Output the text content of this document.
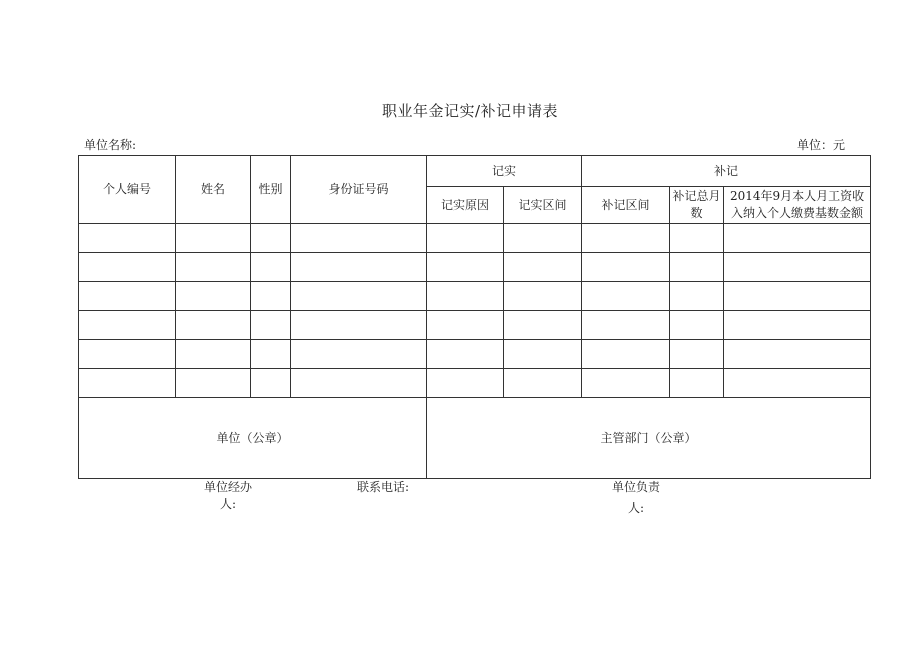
职业年金记实/补记申请表
单位名称:	单位：元
个人编号	姓名	性别	身份证号码	记实		补记		
				记实原因	记实区间	补记区间	补记总月数	2014年9月本人月工资收入纳入个人缴费基数金额

单位（公章）				主管部门（公章）				
单位经办
人:
联系电话:	单位负责
人:
